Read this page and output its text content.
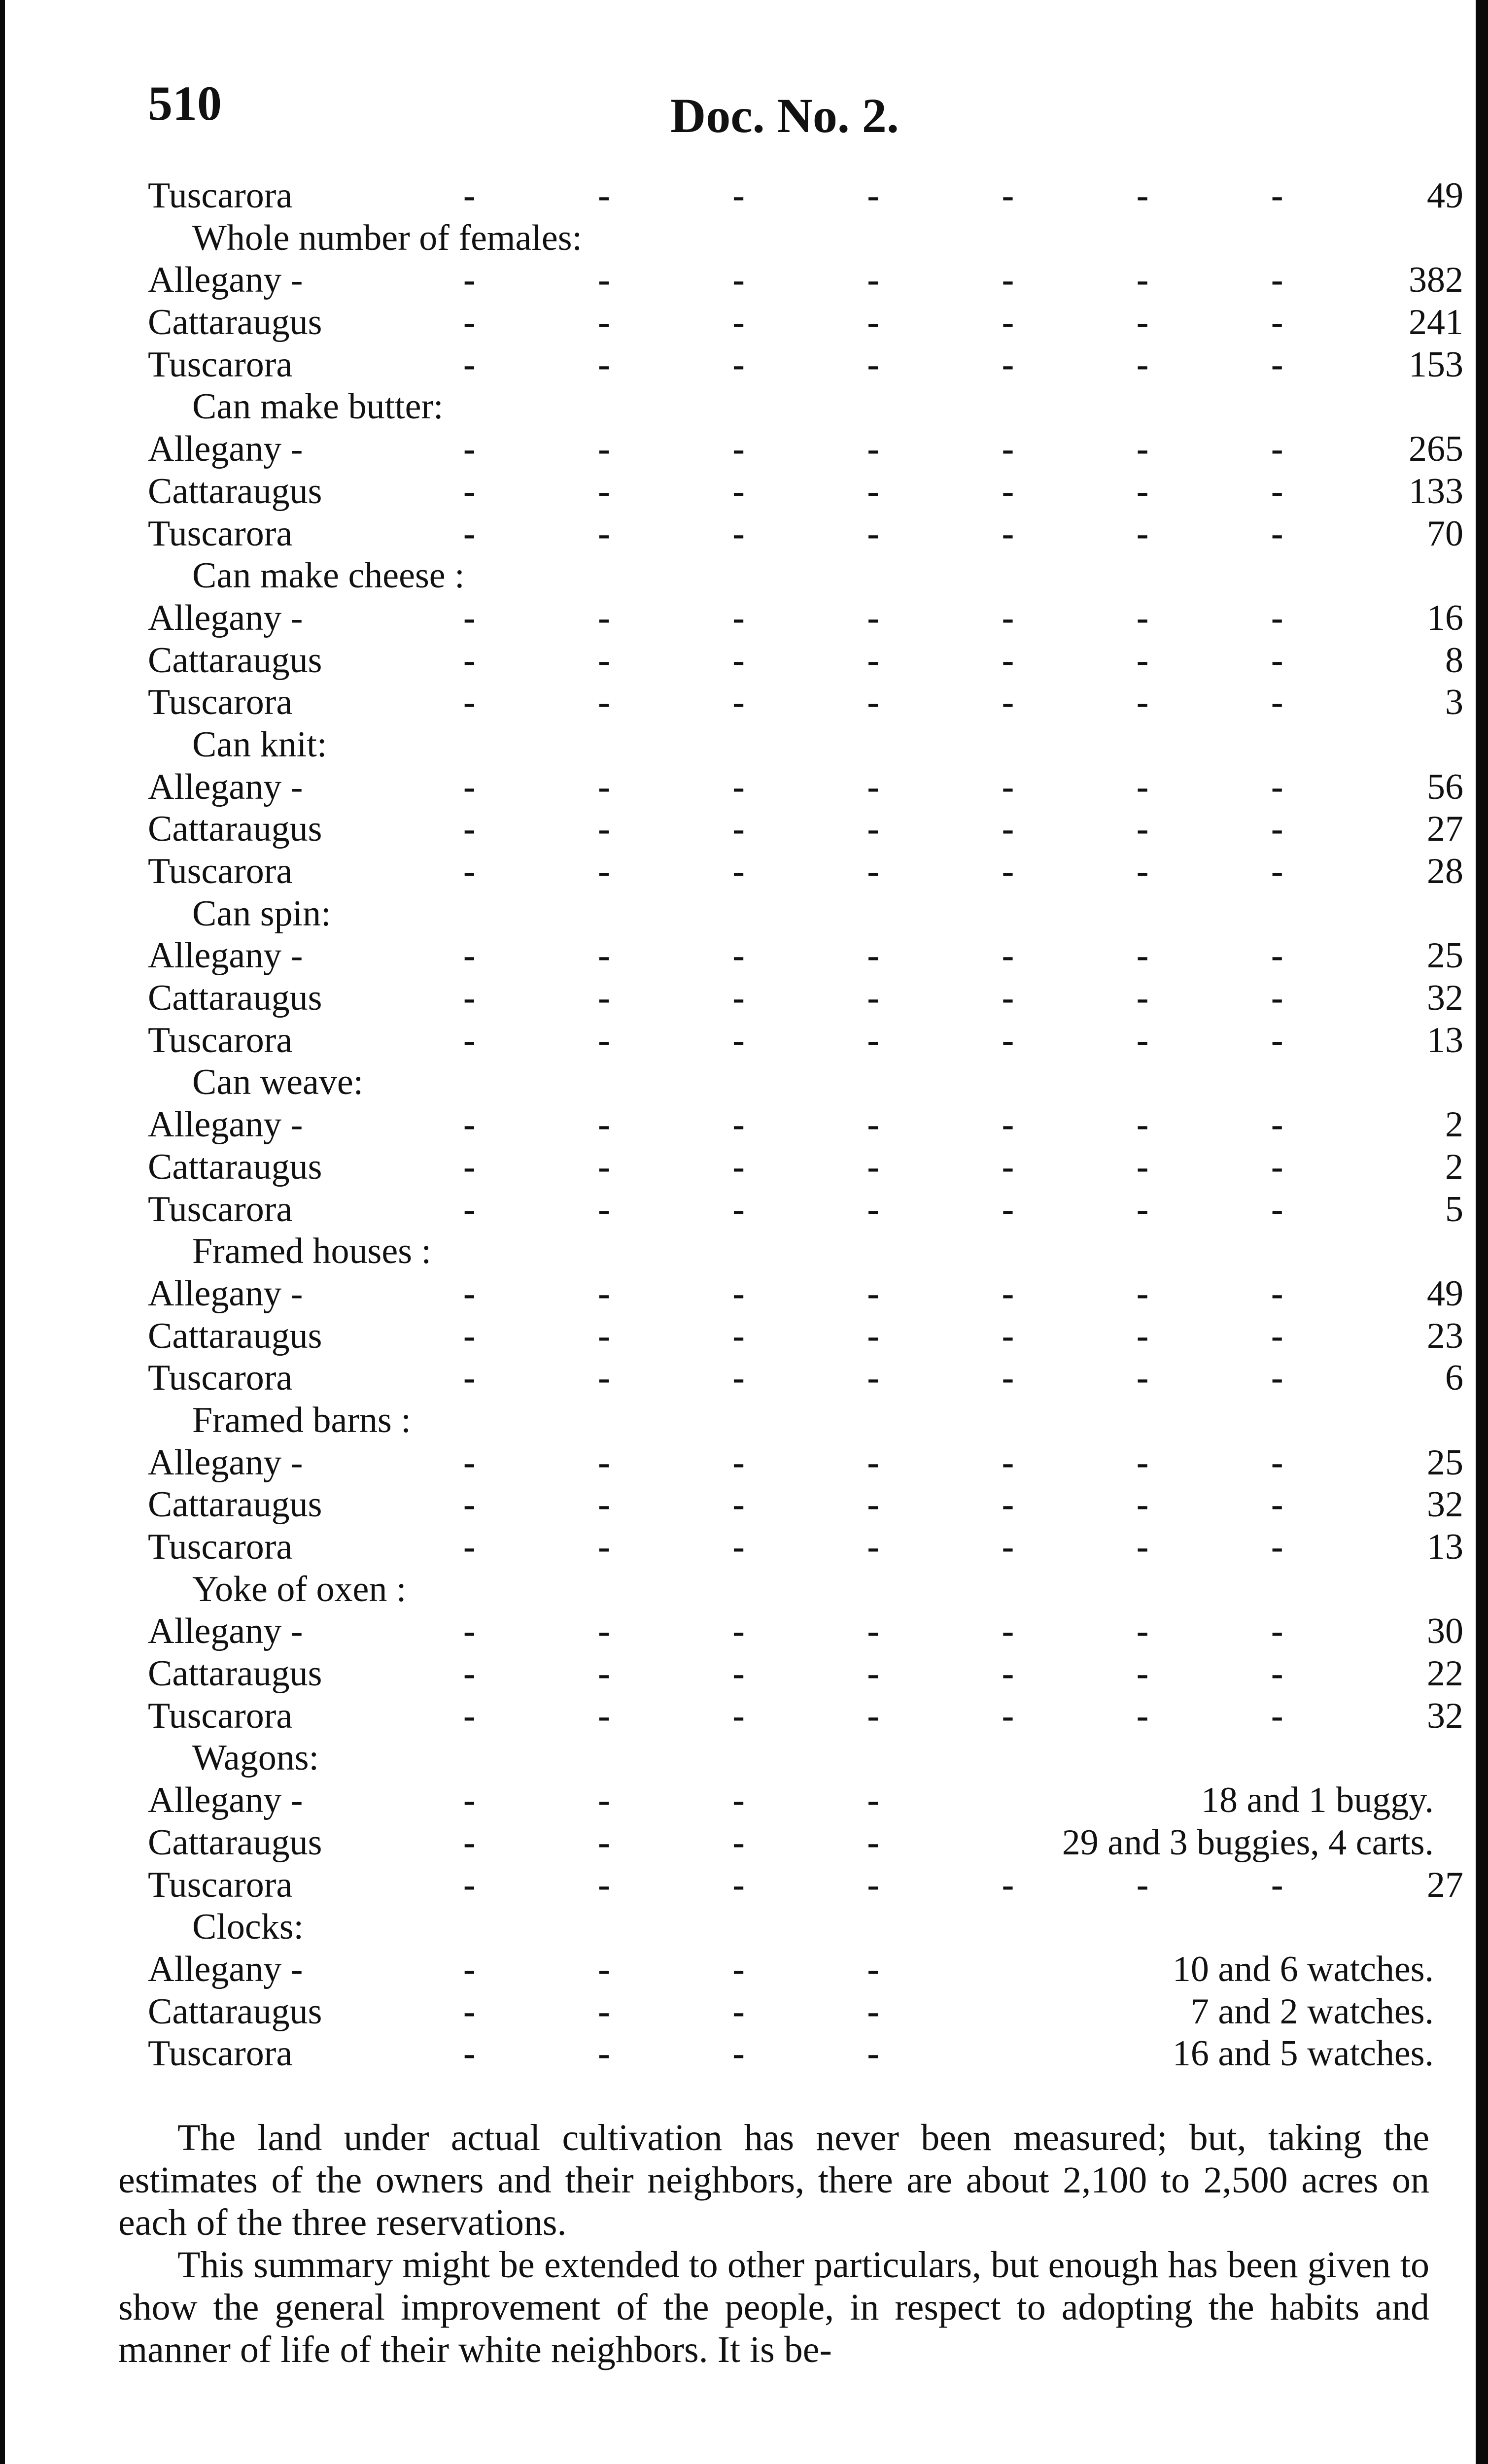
510	Doc. No. 2.
Tuscarora	- - - - - - -	49
Whole number of females:
Allegany -	- - - - - - -	382
Cattaraugus	- - - - - - -	241
Tuscarora	- - - - - - -	153
Can make butter:
Allegany -	- - - - - - -	265
Cattaraugus	- - - - - - -	133
Tuscarora	- - - - - - -	70
Can make cheese :
Allegany -	- - - - - - -	16
Cattaraugus	- - - - - - -	8
Tuscarora	- - - - - - -	3
Can knit:
Allegany -	- - - - - - -	56
Cattaraugus	- - - - - - -	27
Tuscarora	- - - - - - -	28
Can spin:
Allegany -	- - - - - - -	25
Cattaraugus	- - - - - - -	32
Tuscarora	- - - - - - -	13
Can weave:
Allegany -	- - - - - - -	2
Cattaraugus	- - - - - - -	2
Tuscarora	- - - - - - -	5
Framed houses :
Allegany -	- - - - - - -	49
Cattaraugus	- - - - - - -	23
Tuscarora	- - - - - - -	6
Framed barns :
Allegany -	- - - - - - -	25
Cattaraugus	- - - - - - -	32
Tuscarora	- - - - - - -	13
Yoke of oxen :
Allegany -	- - - - - - -	30
Cattaraugus	- - - - - - -	22
Tuscarora	- - - - - - -	32
Wagons:
Allegany -	- - - -	18 and 1 buggy.
Cattaraugus	- - - -	29 and 3 buggies, 4 carts.
Tuscarora	- - - - - - -	27
Clocks:
Allegany -	- - - -	10 and 6 watches.
Cattaraugus	- - - -	7 and 2 watches.
Tuscarora	- - - -	16 and 5 watches.
The land under actual cultivation has never been measured; but, taking the estimates of the owners and their neighbors, there are about 2,100 to 2,500 acres on each of the three reservations.
This summary might be extended to other particulars, but enough has been given to show the general improvement of the people, in respect to adopting the habits and manner of life of their white neighbors. It is be-
